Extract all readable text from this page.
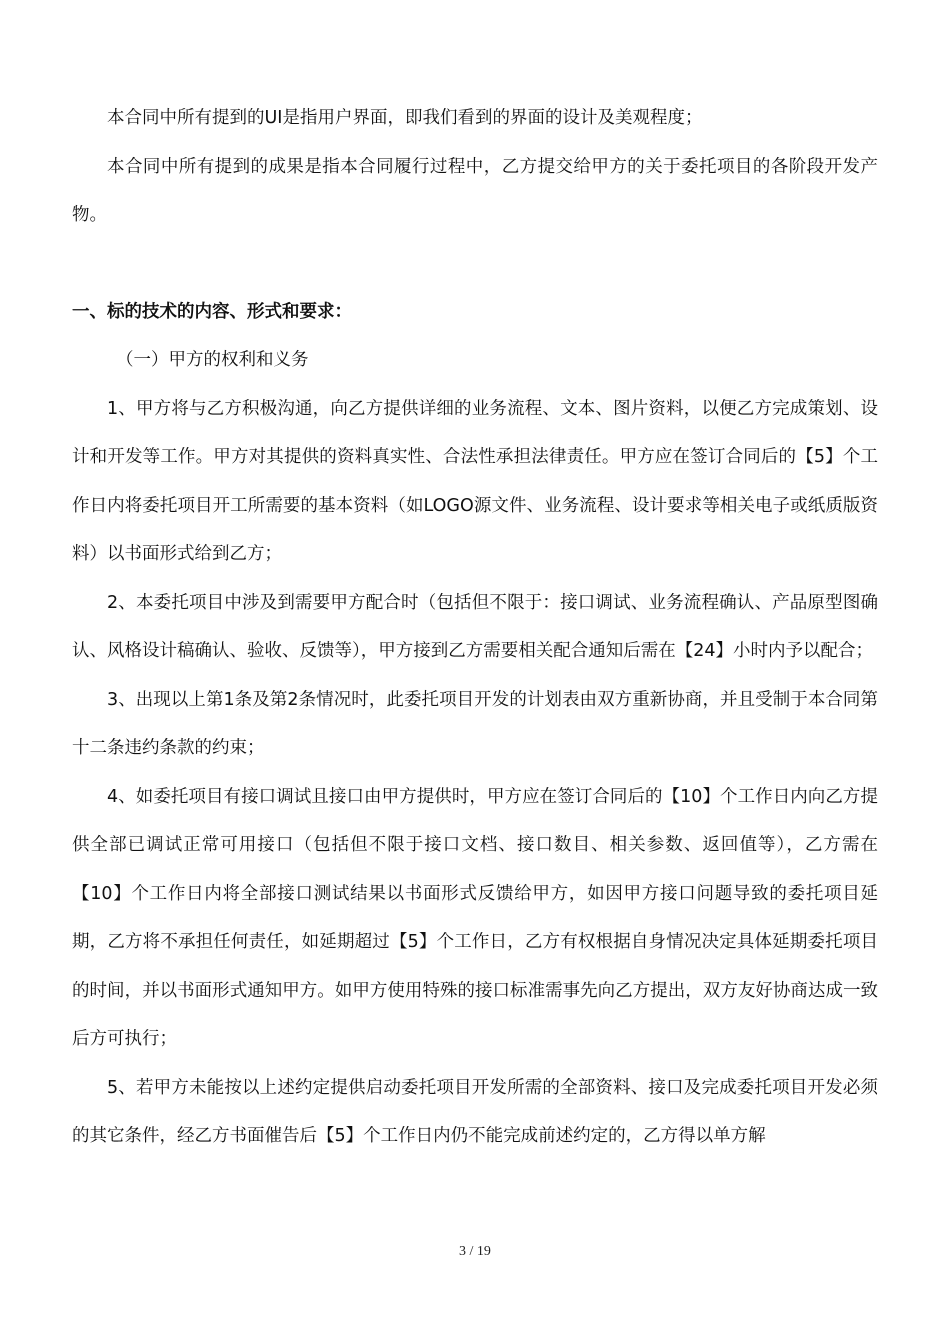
本合同中所有提到的UI是指用户界面，即我们看到的界面的设计及美观程度；

本合同中所有提到的成果是指本合同履行过程中，乙方提交给甲方的关于委托项目的各阶段开发产物。

一、标的技术的内容、形式和要求：

（一）甲方的权利和义务

1、甲方将与乙方积极沟通，向乙方提供详细的业务流程、文本、图片资料，以便乙方完成策划、设计和开发等工作。甲方对其提供的资料真实性、合法性承担法律责任。甲方应在签订合同后的【5】个工作日内将委托项目开工所需要的基本资料（如LOGO源文件、业务流程、设计要求等相关电子或纸质版资料）以书面形式给到乙方；

2、本委托项目中涉及到需要甲方配合时（包括但不限于：接口调试、业务流程确认、产品原型图确认、风格设计稿确认、验收、反馈等），甲方接到乙方需要相关配合通知后需在【24】小时内予以配合；

3、出现以上第1条及第2条情况时，此委托项目开发的计划表由双方重新协商，并且受制于本合同第十二条违约条款的约束；

4、如委托项目有接口调试且接口由甲方提供时，甲方应在签订合同后的【10】个工作日内向乙方提供全部已调试正常可用接口（包括但不限于接口文档、接口数目、相关参数、返回值等），乙方需在【10】个工作日内将全部接口测试结果以书面形式反馈给甲方，如因甲方接口问题导致的委托项目延期，乙方将不承担任何责任，如延期超过【5】个工作日，乙方有权根据自身情况决定具体延期委托项目的时间，并以书面形式通知甲方。如甲方使用特殊的接口标准需事先向乙方提出，双方友好协商达成一致后方可执行；

5、若甲方未能按以上述约定提供启动委托项目开发所需的全部资料、接口及完成委托项目开发必须的其它条件，经乙方书面催告后【5】个工作日内仍不能完成前述约定的，乙方得以单方解

3 / 19
